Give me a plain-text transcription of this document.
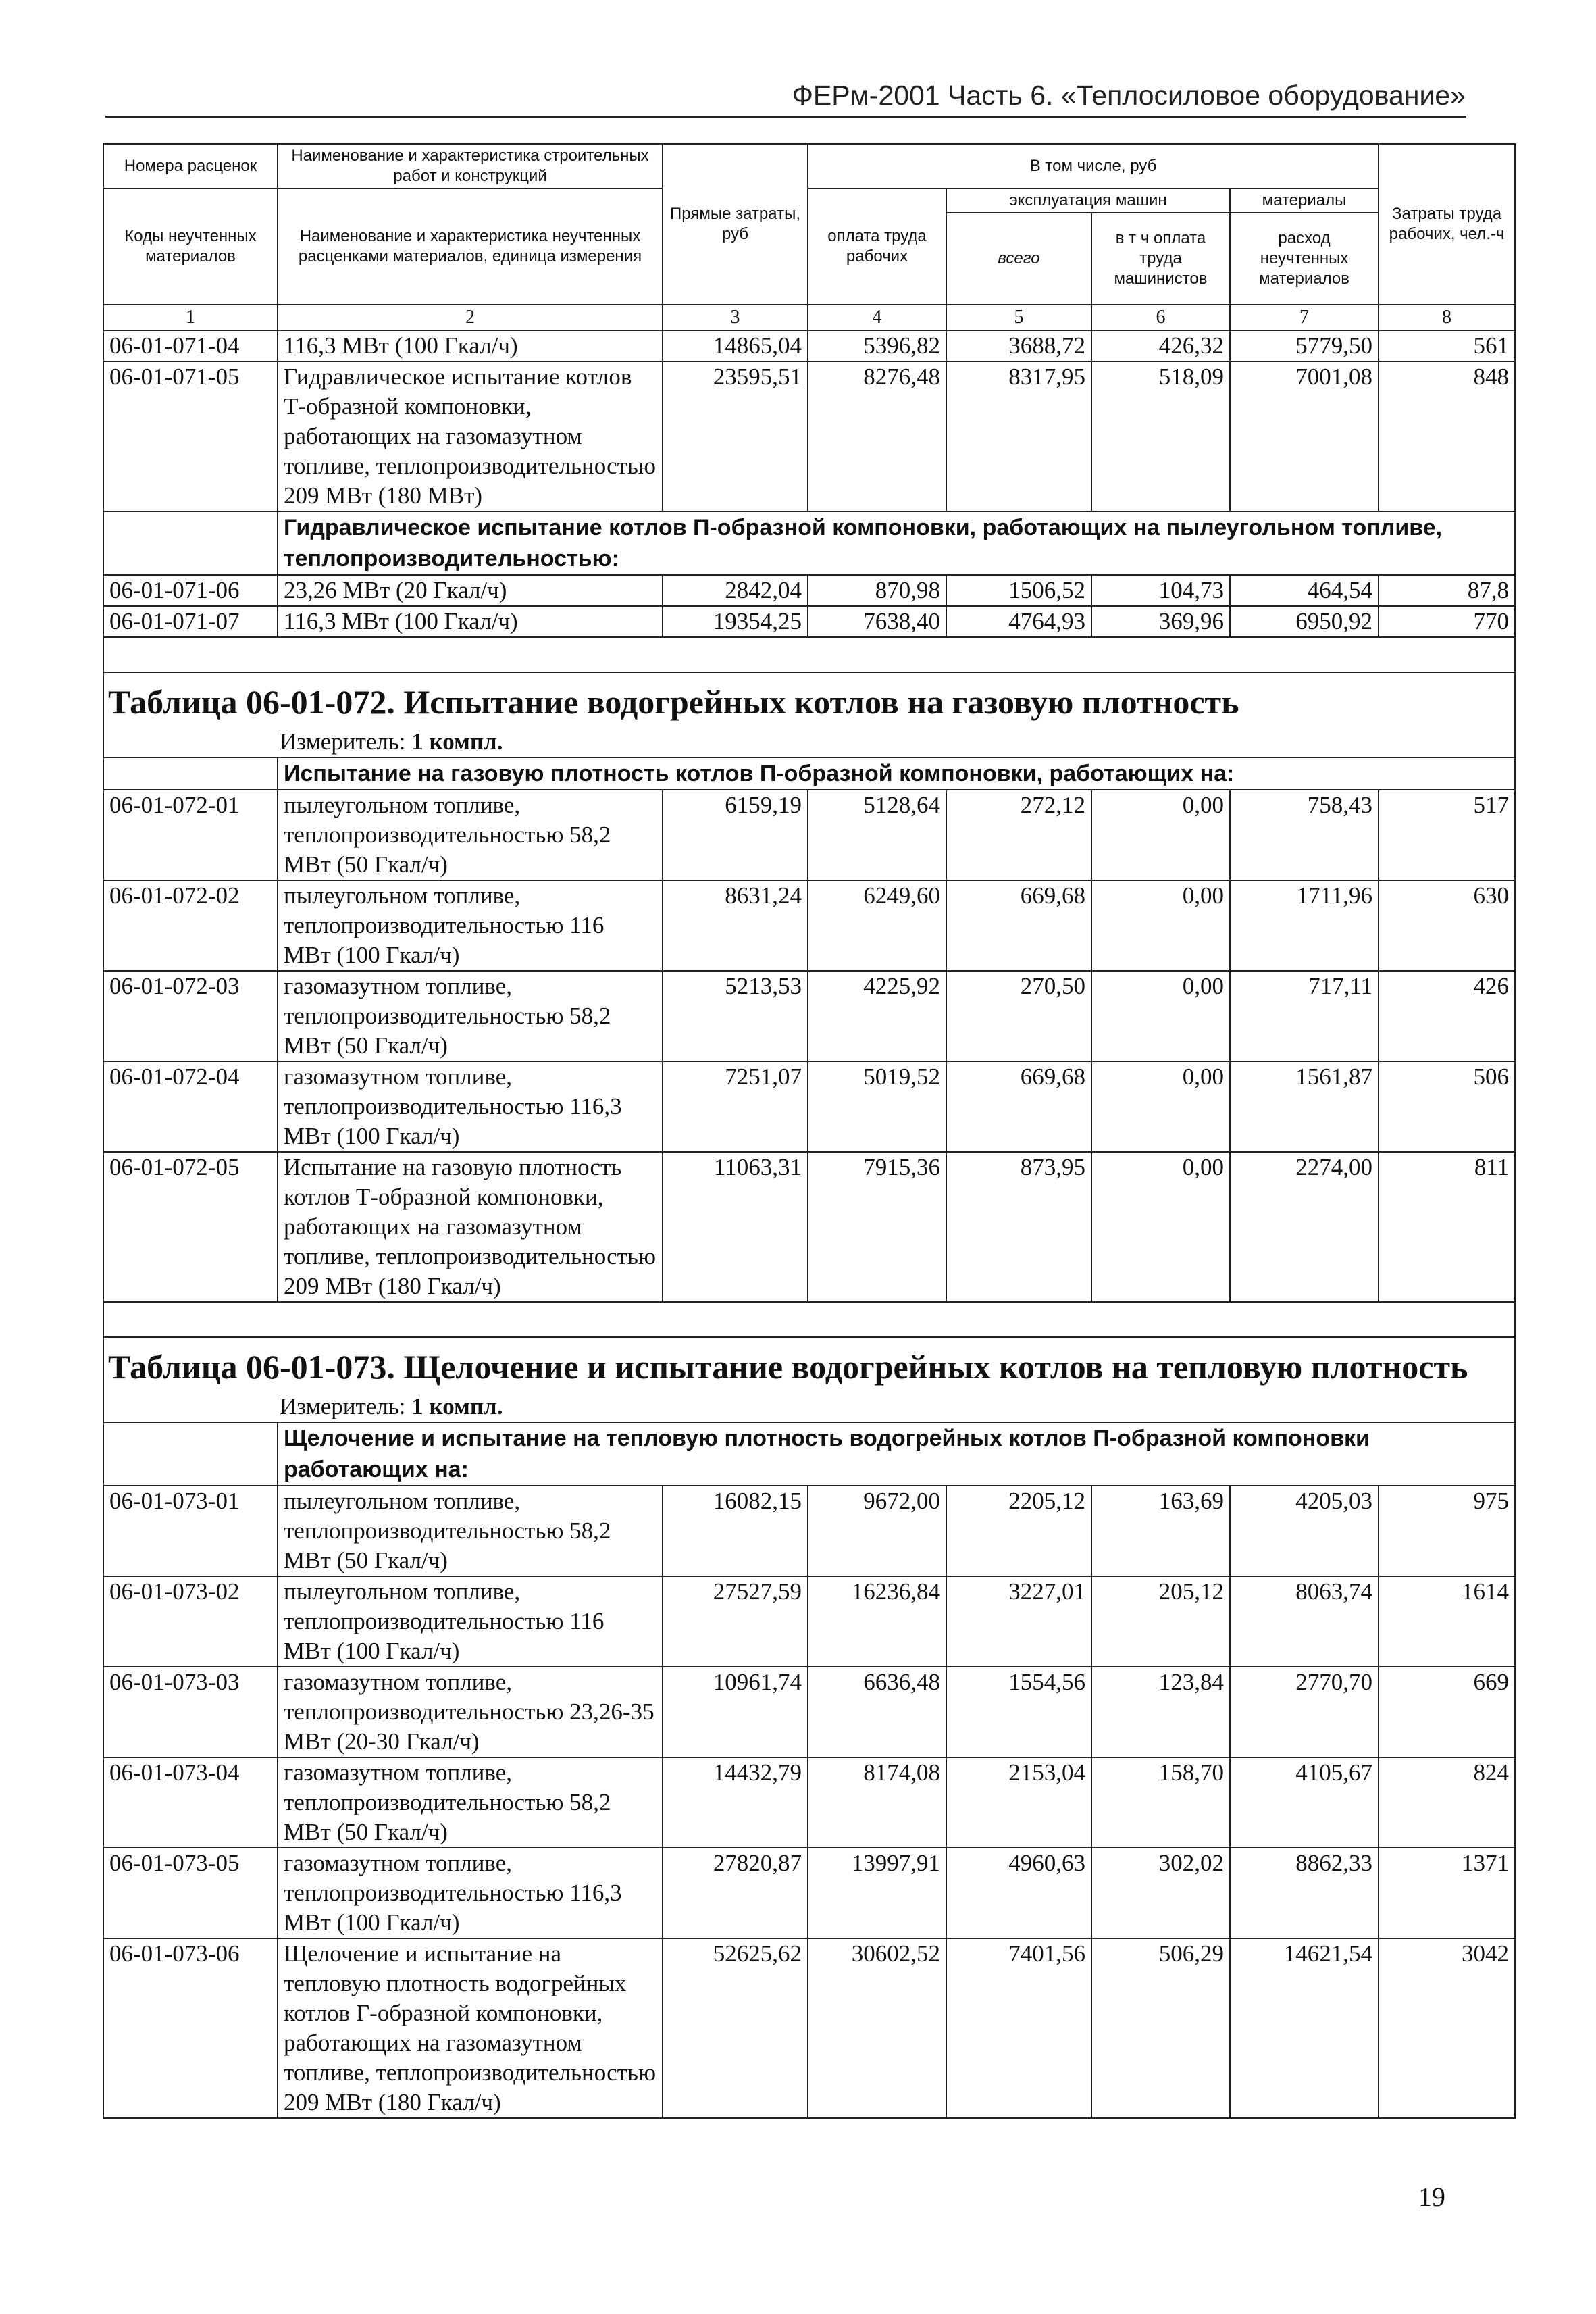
ФЕРм-2001 Часть 6. «Теплосиловое оборудование»
Номера расценок	Наименование и характеристика строительных работ и конструкций	Прямые затраты, руб	В том числе, руб				Затраты труда рабочих, чел.-ч
Коды неучтенных материалов	Наименование и характеристика неучтенных расценками материалов, единица измерения		оплата труда рабочих	эксплуатация машин		материалы	
				всего	в т ч оплата труда машинистов	расход неучтенных материалов	

1	2	3	4	5	6	7	8
06-01-071-04	116,3 МВт (100 Гкал/ч)	14865,04	5396,82	3688,72	426,32	5779,50	561
06-01-071-05	Гидравлическое испытание котлов Т-образной компоновки, работающих на газомазутном топливе, теплопроизводительностью 209 МВт (180 МВт)	23595,51	8276,48	8317,95	518,09	7001,08	848
	Гидравлическое испытание котлов П-образной компоновки, работающих на пылеугольном топливе, теплопроизводительностью:						
06-01-071-06	23,26 МВт (20 Гкал/ч)	2842,04	870,98	1506,52	104,73	464,54	87,8
06-01-071-07	116,3 МВт (100 Гкал/ч)	19354,25	7638,40	4764,93	369,96	6950,92	770

Таблица 06-01-072. Испытание водогрейных котлов на газовую плотность							
Измеритель: 1 компл.							
	Испытание на газовую плотность котлов П-образной компоновки, работающих на:						
06-01-072-01	пылеугольном топливе, теплопроизводительностью 58,2 МВт (50 Гкал/ч)	6159,19	5128,64	272,12	0,00	758,43	517
06-01-072-02	пылеугольном топливе, теплопроизводительностью 116 МВт (100 Гкал/ч)	8631,24	6249,60	669,68	0,00	1711,96	630
06-01-072-03	газомазутном топливе, теплопроизводительностью 58,2 МВт (50 Гкал/ч)	5213,53	4225,92	270,50	0,00	717,11	426
06-01-072-04	газомазутном топливе, теплопроизводительностью 116,3 МВт (100 Гкал/ч)	7251,07	5019,52	669,68	0,00	1561,87	506
06-01-072-05	Испытание на газовую плотность котлов Т-образной компоновки, работающих на газомазутном топливе, теплопроизводительностью 209 МВт (180 Гкал/ч)	11063,31	7915,36	873,95	0,00	2274,00	811

Таблица 06-01-073. Щелочение и испытание водогрейных котлов на тепловую плотность							
Измеритель: 1 компл.							
	Щелочение и испытание на тепловую плотность водогрейных котлов П-образной компоновки работающих на:						
06-01-073-01	пылеугольном топливе, теплопроизводительностью 58,2 МВт (50 Гкал/ч)	16082,15	9672,00	2205,12	163,69	4205,03	975
06-01-073-02	пылеугольном топливе, теплопроизводительностью 116 МВт (100 Гкал/ч)	27527,59	16236,84	3227,01	205,12	8063,74	1614
06-01-073-03	газомазутном топливе, теплопроизводительностью 23,26-35 МВт (20-30 Гкал/ч)	10961,74	6636,48	1554,56	123,84	2770,70	669
06-01-073-04	газомазутном топливе, теплопроизводительностью 58,2 МВт (50 Гкал/ч)	14432,79	8174,08	2153,04	158,70	4105,67	824
06-01-073-05	газомазутном топливе, теплопроизводительностью 116,3 МВт (100 Гкал/ч)	27820,87	13997,91	4960,63	302,02	8862,33	1371
06-01-073-06	Щелочение и испытание на тепловую плотность водогрейных котлов Г-образной компоновки, работающих на газомазутном топливе, теплопроизводительностью 209 МВт (180 Гкал/ч)	52625,62	30602,52	7401,56	506,29	14621,54	3042
19
